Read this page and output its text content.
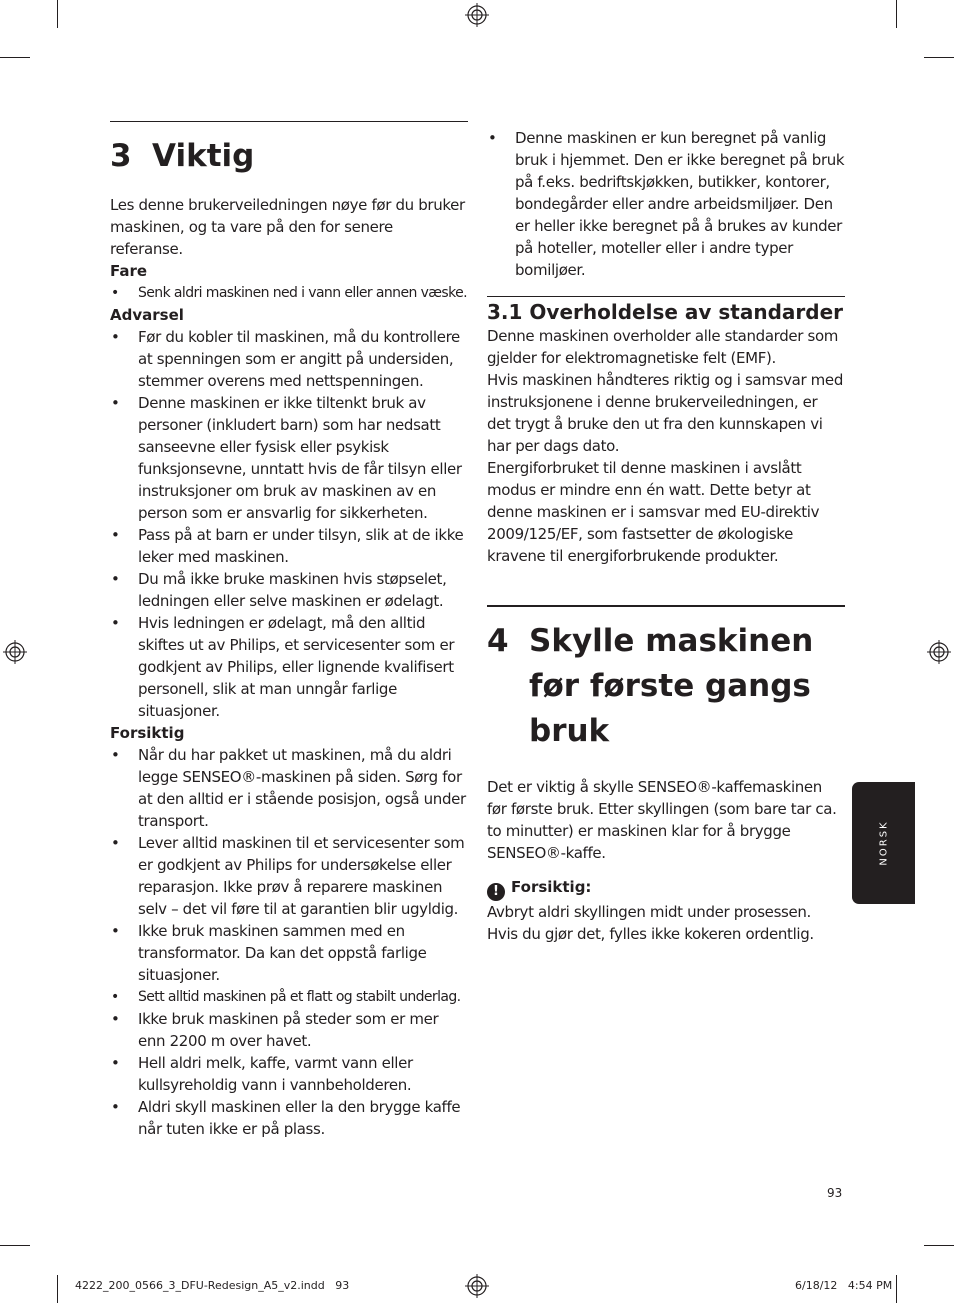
3 Viktig

Les denne brukerveiledningen nøye før du bruker maskinen, og ta vare på den for senere referanse.

Fare
• Senk aldri maskinen ned i vann eller annen væske.
Advarsel
• Før du kobler til maskinen, må du kontrollere at spenningen som er angitt på undersiden, stemmer overens med nettspenningen.
• Denne maskinen er ikke tiltenkt bruk av personer (inkludert barn) som har nedsatt sanseevne eller fysisk eller psykisk funksjonsevne, unntatt hvis de får tilsyn eller instruksjoner om bruk av maskinen av en person som er ansvarlig for sikkerheten.
• Pass på at barn er under tilsyn, slik at de ikke leker med maskinen.
• Du må ikke bruke maskinen hvis støpselet, ledningen eller selve maskinen er ødelagt.
• Hvis ledningen er ødelagt, må den alltid skiftes ut av Philips, et servicesenter som er godkjent av Philips, eller lignende kvalifisert personell, slik at man unngår farlige situasjoner.
Forsiktig
• Når du har pakket ut maskinen, må du aldri legge SENSEO®-maskinen på siden. Sørg for at den alltid er i stående posisjon, også under transport.
• Lever alltid maskinen til et servicesenter som er godkjent av Philips for undersøkelse eller reparasjon. Ikke prøv å reparere maskinen selv – det vil føre til at garantien blir ugyldig.
• Ikke bruk maskinen sammen med en transformator. Da kan det oppstå farlige situasjoner.
• Sett alltid maskinen på et flatt og stabilt underlag.
• Ikke bruk maskinen på steder som er mer enn 2200 m over havet.
• Hell aldri melk, kaffe, varmt vann eller kullsyreholdig vann i vannbeholderen.
• Aldri skyll maskinen eller la den brygge kaffe når tuten ikke er på plass.
• Denne maskinen er kun beregnet på vanlig bruk i hjemmet. Den er ikke beregnet på bruk på f.eks. bedriftskjøkken, butikker, kontorer, bondegårder eller andre arbeidsmiljøer. Den er heller ikke beregnet på å brukes av kunder på hoteller, moteller eller i andre typer bomiljøer.
3.1 Overholdelse av standarder

Denne maskinen overholder alle standarder som gjelder for elektromagnetiske felt (EMF).

Hvis maskinen håndteres riktig og i samsvar med instruksjonene i denne brukerveiledningen, er det trygt å bruke den ut fra den kunnskapen vi har per dags dato.

Energiforbruket til denne maskinen i avslått modus er mindre enn én watt. Dette betyr at denne maskinen er i samsvar med EU-direktiv 2009/125/EF, som fastsetter de økologiske kravene til energiforbrukende produkter.

4 Skylle maskinen før første gangs bruk

Det er viktig å skylle SENSEO®-kaffemaskinen før første bruk. Etter skyllingen (som bare tar ca. to minutter) er maskinen klar for å brygge SENSEO®-kaffe.

! Forsiktig:

Avbryt aldri skyllingen midt under prosessen. Hvis du gjør det, fylles ikke kokeren ordentlig.

NORSK
93
4222_200_0566_3_DFU-Redesign_A5_v2.indd   93	6/18/12   4:54 PM
